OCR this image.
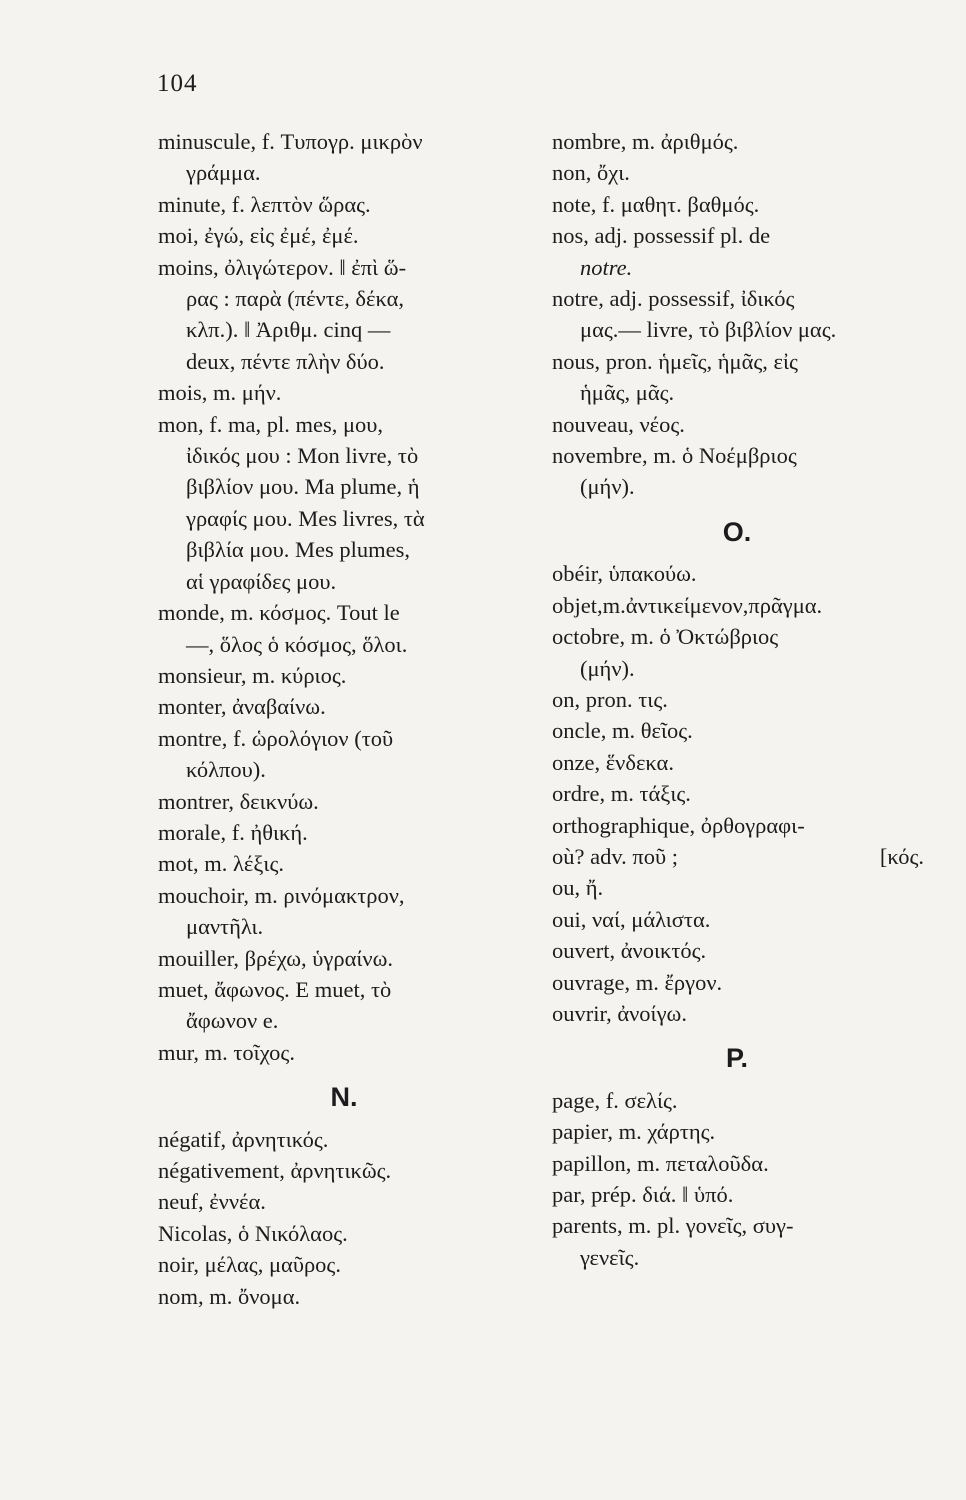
104
minuscule, f. Τυπογρ. μικρὸν
γράμμα.
minute, f. λεπτὸν ὥρας.
moi, ἐγώ, εἰς ἐμέ, ἐμέ.
moins, ὀλιγώτερον. ‖ ἐπὶ ὥ-
ρας : παρὰ (πέντε, δέκα,
κλπ.). ‖ Ἀριθμ. cinq —
deux, πέντε πλὴν δύο.
mois, m. μήν.
mon, f. ma, pl. mes, μου,
ἰδικός μου : Mon livre, τὸ
βιβλίον μου. Ma plume, ἡ
γραφίς μου. Mes livres, τὰ
βιβλία μου. Mes plumes,
αἱ γραφίδες μου.
monde, m. κόσμος. Tout le
—, ὅλος ὁ κόσμος, ὅλοι.
monsieur, m. κύριος.
monter, ἀναβαίνω.
montre, f. ὡρολόγιον (τοῦ
κόλπου).
montrer, δεικνύω.
morale, f. ἠθική.
mot, m. λέξις.
mouchoir, m. ρινόμακτρον,
μαντῆλι.
mouiller, βρέχω, ὑγραίνω.
muet, ἄφωνος. E muet, τὸ
ἄφωνον e.
mur, m. τοῖχος.
N.
négatif, ἀρνητικός.
négativement, ἀρνητικῶς.
neuf, ἐννέα.
Nicolas, ὁ Νικόλαος.
noir, μέλας, μαῦρος.
nom, m. ὄνομα.
nombre, m. ἀριθμός.
non, ὄχι.
note, f. μαθητ. βαθμός.
nos, adj. possessif pl. de
notre.
notre, adj. possessif, ἰδικός
μας.— livre, τὸ βιβλίον μας.
nous, pron. ἡμεῖς, ἡμᾶς, εἰς
ἡμᾶς, μᾶς.
nouveau, νέος.
novembre, m. ὁ Νοέμβριος
(μήν).
O.
obéir, ὑπακούω.
objet,m.ἀντικείμενον,πρᾶγμα.
octobre, m. ὁ Ὀκτώβριος
(μήν).
on, pron. τις.
oncle, m. θεῖος.
onze, ἕνδεκα.
ordre, m. τάξις.
orthographique, ὀρθογραφι-
où? adv. ποῦ ;	[κός.
ou, ἤ.
oui, ναί, μάλιστα.
ouvert, ἀνοικτός.
ouvrage, m. ἔργον.
ouvrir, ἀνοίγω.
P.
page, f. σελίς.
papier, m. χάρτης.
papillon, m. πεταλοῦδα.
par, prép. διά. ‖ ὑπό.
parents, m. pl. γονεῖς, συγ-
γενεῖς.
